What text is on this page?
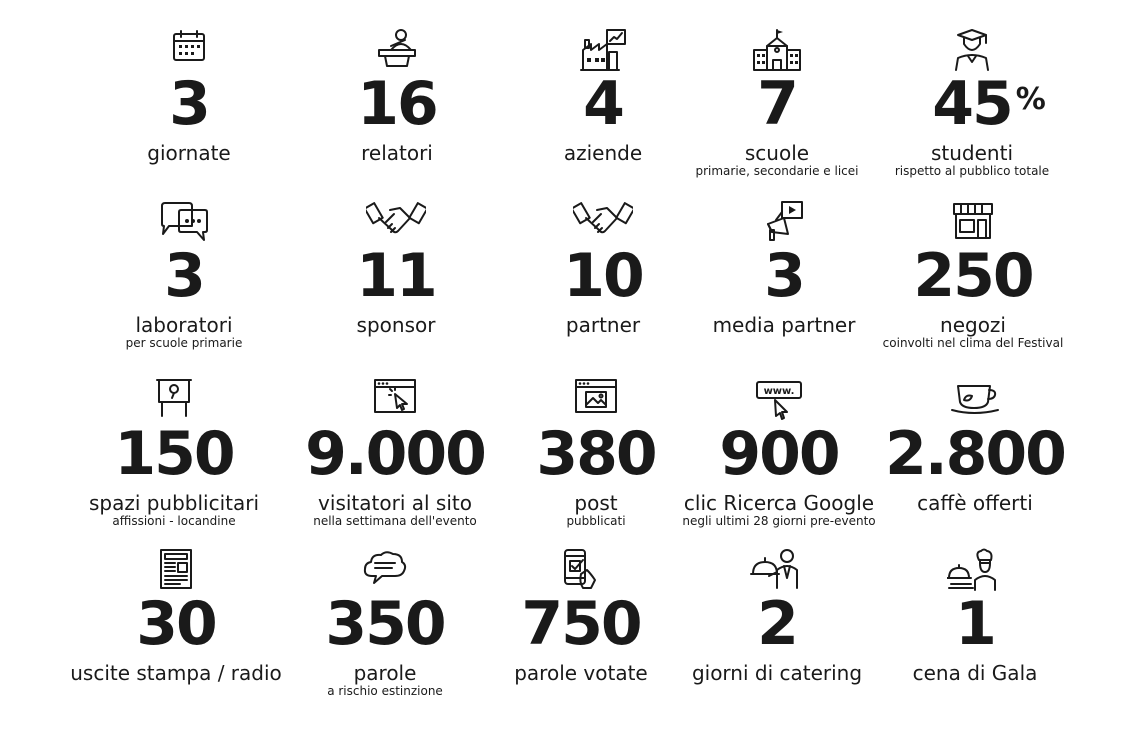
3
giornate
16
relatori
4
aziende
7
scuole
primarie, secondarie e licei
45 %
studenti
rispetto al pubblico totale
3
laboratori
per scuole primarie
11
sponsor
10
partner
3
media partner
250
negozi
coinvolti nel clima del Festival
150
spazi pubblicitari
affissioni - locandine
9.000
visitatori al sito
nella settimana dell'evento
380
post
pubblicati
www.
900
clic Ricerca Google
negli ultimi 28 giorni pre-evento
2.800
caffè offerti
30
uscite stampa / radio
350
parole
a rischio estinzione
750
parole votate
2
giorni di catering
1
cena di Gala
